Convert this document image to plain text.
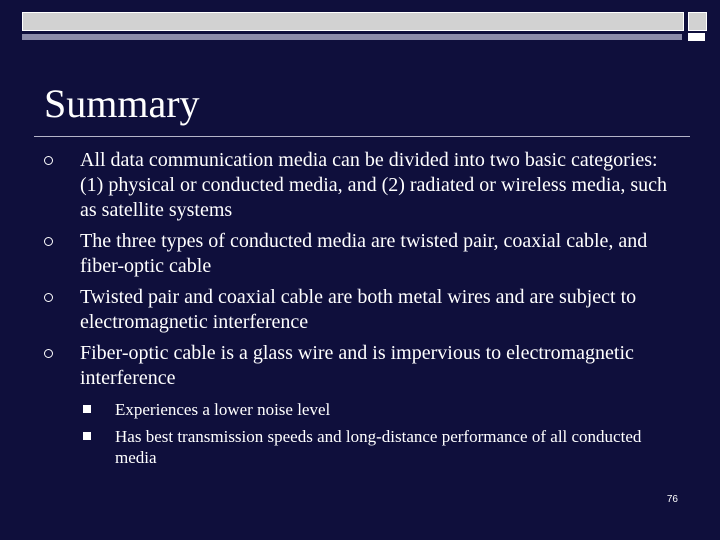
Summary
All data communication media can be divided into two basic categories: (1) physical or conducted media, and (2) radiated or wireless media, such as satellite systems
The three types of conducted media are twisted pair, coaxial cable, and fiber-optic cable
Twisted pair and coaxial cable are both metal wires and are subject to electromagnetic interference
Fiber-optic cable is a glass wire and is impervious to electromagnetic interference
Experiences a lower noise level
Has best transmission speeds and long-distance performance of all conducted media
76
